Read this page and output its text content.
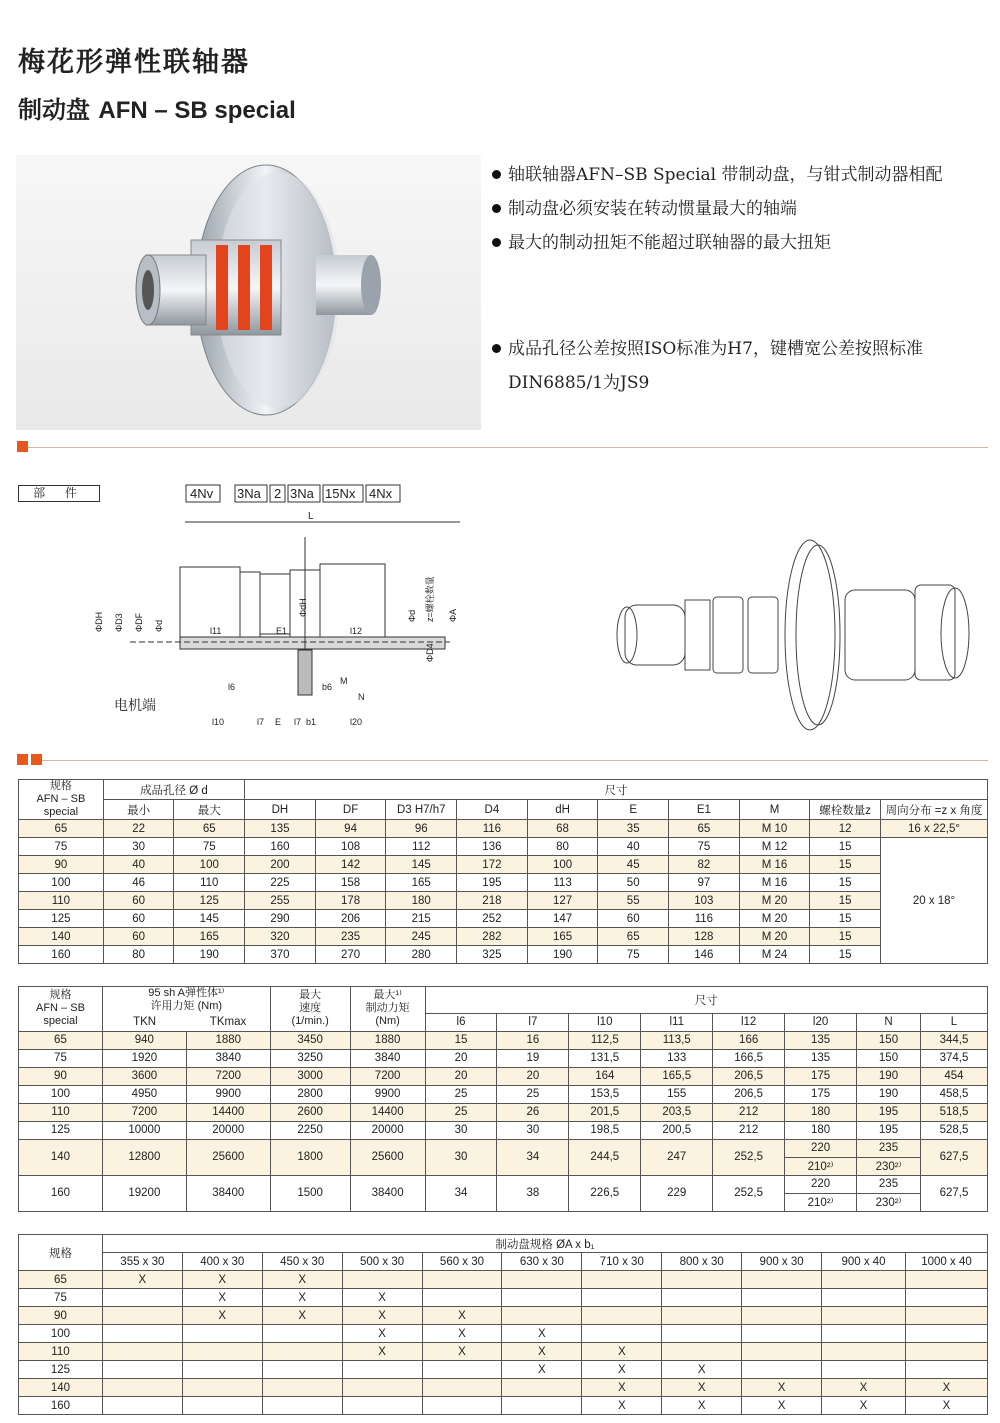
梅花形弹性联轴器
制动盘 AFN – SB special
轴联轴器AFN–SB Special 带制动盘，与钳式制动器相配
制动盘必须安装在转动惯量最大的轴端
最大的制动扭矩不能超过联轴器的最大扭矩
成品孔径公差按照ISO标准为H7，键槽宽公差按照标准
DIN6885/1为JS9
部 件	4Nv 3Na 2 3Na 15Nx 4Nx
L
ΦDH ΦD3 ΦDF Φd	l11	E1
ΦdH
l12
Φd
ΦD4
z=螺栓数量 ΦA
l6	b6
M
N
l10	l7 E l7 b1	l20
电机端
规格
AFN – SB
special	成品孔径 Ø d		尺寸									
	最小	最大	DH	DF	D3 H7/h7	D4	dH	E	E1	M	螺栓数量z	周向分布 =z x 角度
65	22	65	135	94	96	116	68	35	65	M 10	12	16 x 22,5°
75	30	75	160	108	112	136	80	40	75	M 12	15	20 x 18°
90	40	100	200	142	145	172	100	45	82	M 16	15	
100	46	110	225	158	165	195	113	50	97	M 16	15	
110	60	125	255	178	180	218	127	55	103	M 20	15	
125	60	145	290	206	215	252	147	60	116	M 20	15	
140	60	165	320	235	245	282	165	65	128	M 20	15	
160	80	190	370	270	280	325	190	75	146	M 24	15	
规格
AFN – SB
special	95 sh A弹性体¹⁾
许用力矩 (Nm)		最大
速度
(1/min.)	最大¹⁾
制动力矩
(Nm)	尺寸							
	TKN	TKmax			l6	l7	l10	l11	l12	l20	N	L
65	940	1880	3450	1880	15	16	112,5	113,5	166	135	150	344,5
75	1920	3840	3250	3840	20	19	131,5	133	166,5	135	150	374,5
90	3600	7200	3000	7200	20	20	164	165,5	206,5	175	190	454
100	4950	9900	2800	9900	25	25	153,5	155	206,5	175	190	458,5
110	7200	14400	2600	14400	25	26	201,5	203,5	212	180	195	518,5
125	10000	20000	2250	20000	30	30	198,5	200,5	212	180	195	528,5
140	12800	25600	1800	25600	30	34	244,5	247	252,5	220	235	627,5
										210²⁾	230²⁾	
160	19200	38400	1500	38400	34	38	226,5	229	252,5	220	235	627,5
										210²⁾	230²⁾	
规格	制动盘规格 ØA x b₁										
	355 x 30	400 x 30	450 x 30	500 x 30	560 x 30	630 x 30	710 x 30	800 x 30	900 x 30	900 x 40	1000 x 40
65	X	X	X								
75		X	X	X							
90		X	X	X	X						
100				X	X	X					
110				X	X	X	X				
125						X	X	X			
140							X	X	X	X	X
160							X	X	X	X	X
